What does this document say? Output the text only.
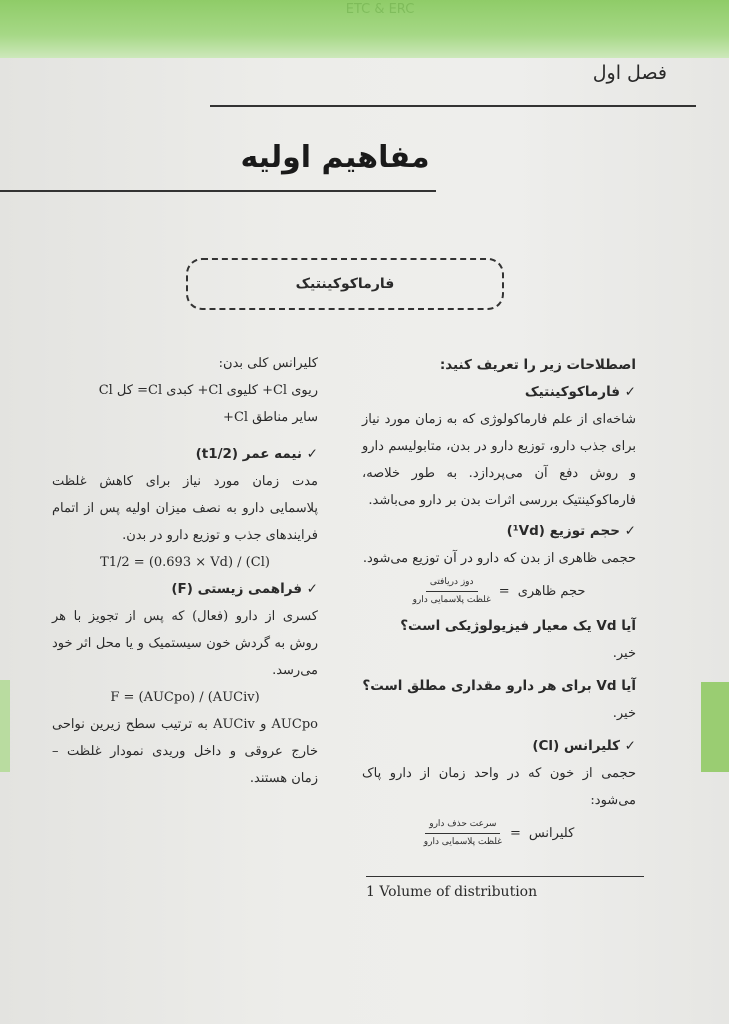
ETC & ERC
فصل اول
مفاهیم اولیه
فارماکوکینتیک

اصطلاحات زیر را تعریف کنید:

✓ فارماکوکینتیک

شاخه‌ای از علم فارماکولوژی که به زمان مورد نیاز برای جذب دارو، توزیع دارو در بدن، متابولیسم دارو و روش دفع آن می‌پردازد. به طور خلاصه، فارماکوکینتیک بررسی اثرات بدن بر دارو می‌باشد.

✓ حجم توزیع (¹Vd)

حجمی ظاهری از بدن که دارو در آن توزیع می‌شود.

حجم ظاهری
=
$\frac{\text{دوز دریافتی}}{\text{غلظت پلاسمایی دارو}}$

آیا Vd یک معیار فیزیولوژیکی است؟

خیر.

آیا Vd برای هر دارو مقداری مطلق است؟

خیر.

✓ کلیرانس (Cl)

حجمی از خون که در واحد زمان از دارو پاک می‌شود:

کلیرانس
=
$\frac{\text{سرعت حذف دارو}}{\text{غلظت پلاسمایی دارو}}$

کلیرانس کلی بدن:

ریوی Cl+ کلیوی Cl+ کبدی Cl= کل Cl

سایر مناطق Cl+

✓ نیمه عمر (t1/2)

مدت زمان مورد نیاز برای کاهش غلظت پلاسمایی دارو به نصف میزان اولیه پس از اتمام فرایندهای جذب و توزیع دارو در بدن.

T1/2 = (0.693 × Vd) / (Cl)

✓ فراهمی زیستی (F)

کسری از دارو (فعال) که پس از تجویز با هر روش به گردش خون سیستمیک و یا محل اثر خود می‌رسد.

F = (AUCpo) / (AUCiv)

AUCpo و AUCiv به ترتیب سطح زیرین نواحی خارج عروقی و داخل وریدی نمودار غلظت – زمان هستند.

1 Volume of distribution
